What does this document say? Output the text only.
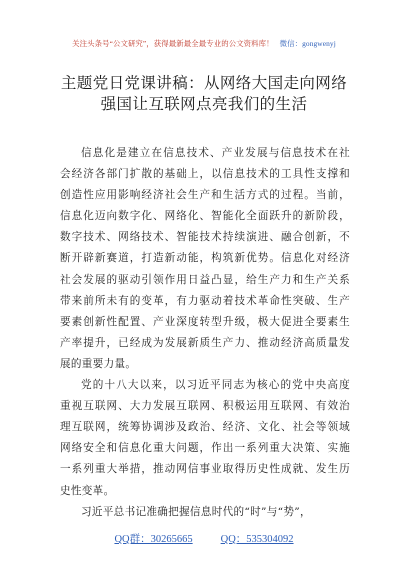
关注头条号“公文研究”，获得最新最全最专业的公文资料库！ 微信：gongwenyj
主题党日党课讲稿：从网络大国走向网络
强国让互联网点亮我们的生活
信息化是建立在信息技术、产业发展与信息技术在社
会经济各部门扩散的基础上，以信息技术的工具性支撑和
创造性应用影响经济社会生产和生活方式的过程。当前，
信息化迈向数字化、网络化、智能化全面跃升的新阶段，
数字技术、网络技术、智能技术持续演进、融合创新，不
断开辟新赛道，打造新动能，构筑新优势。信息化对经济
社会发展的驱动引领作用日益凸显，给生产力和生产关系
带来前所未有的变革，有力驱动着技术革命性突破、生产
要素创新性配置、产业深度转型升级，极大促进全要素生
产率提升，已经成为发展新质生产力、推动经济高质量发
展的重要力量。
党的十八大以来，以习近平同志为核心的党中央高度
重视互联网、大力发展互联网、积极运用互联网、有效治
理互联网，统筹协调涉及政治、经济、文化、社会等领域
网络安全和信息化重大问题，作出一系列重大决策、实施
一系列重大举措，推动网信事业取得历史性成就、发生历
史性变革。
习近平总书记准确把握信息时代的“时”与“势”，
QQ群：30265665	QQ：535304092
